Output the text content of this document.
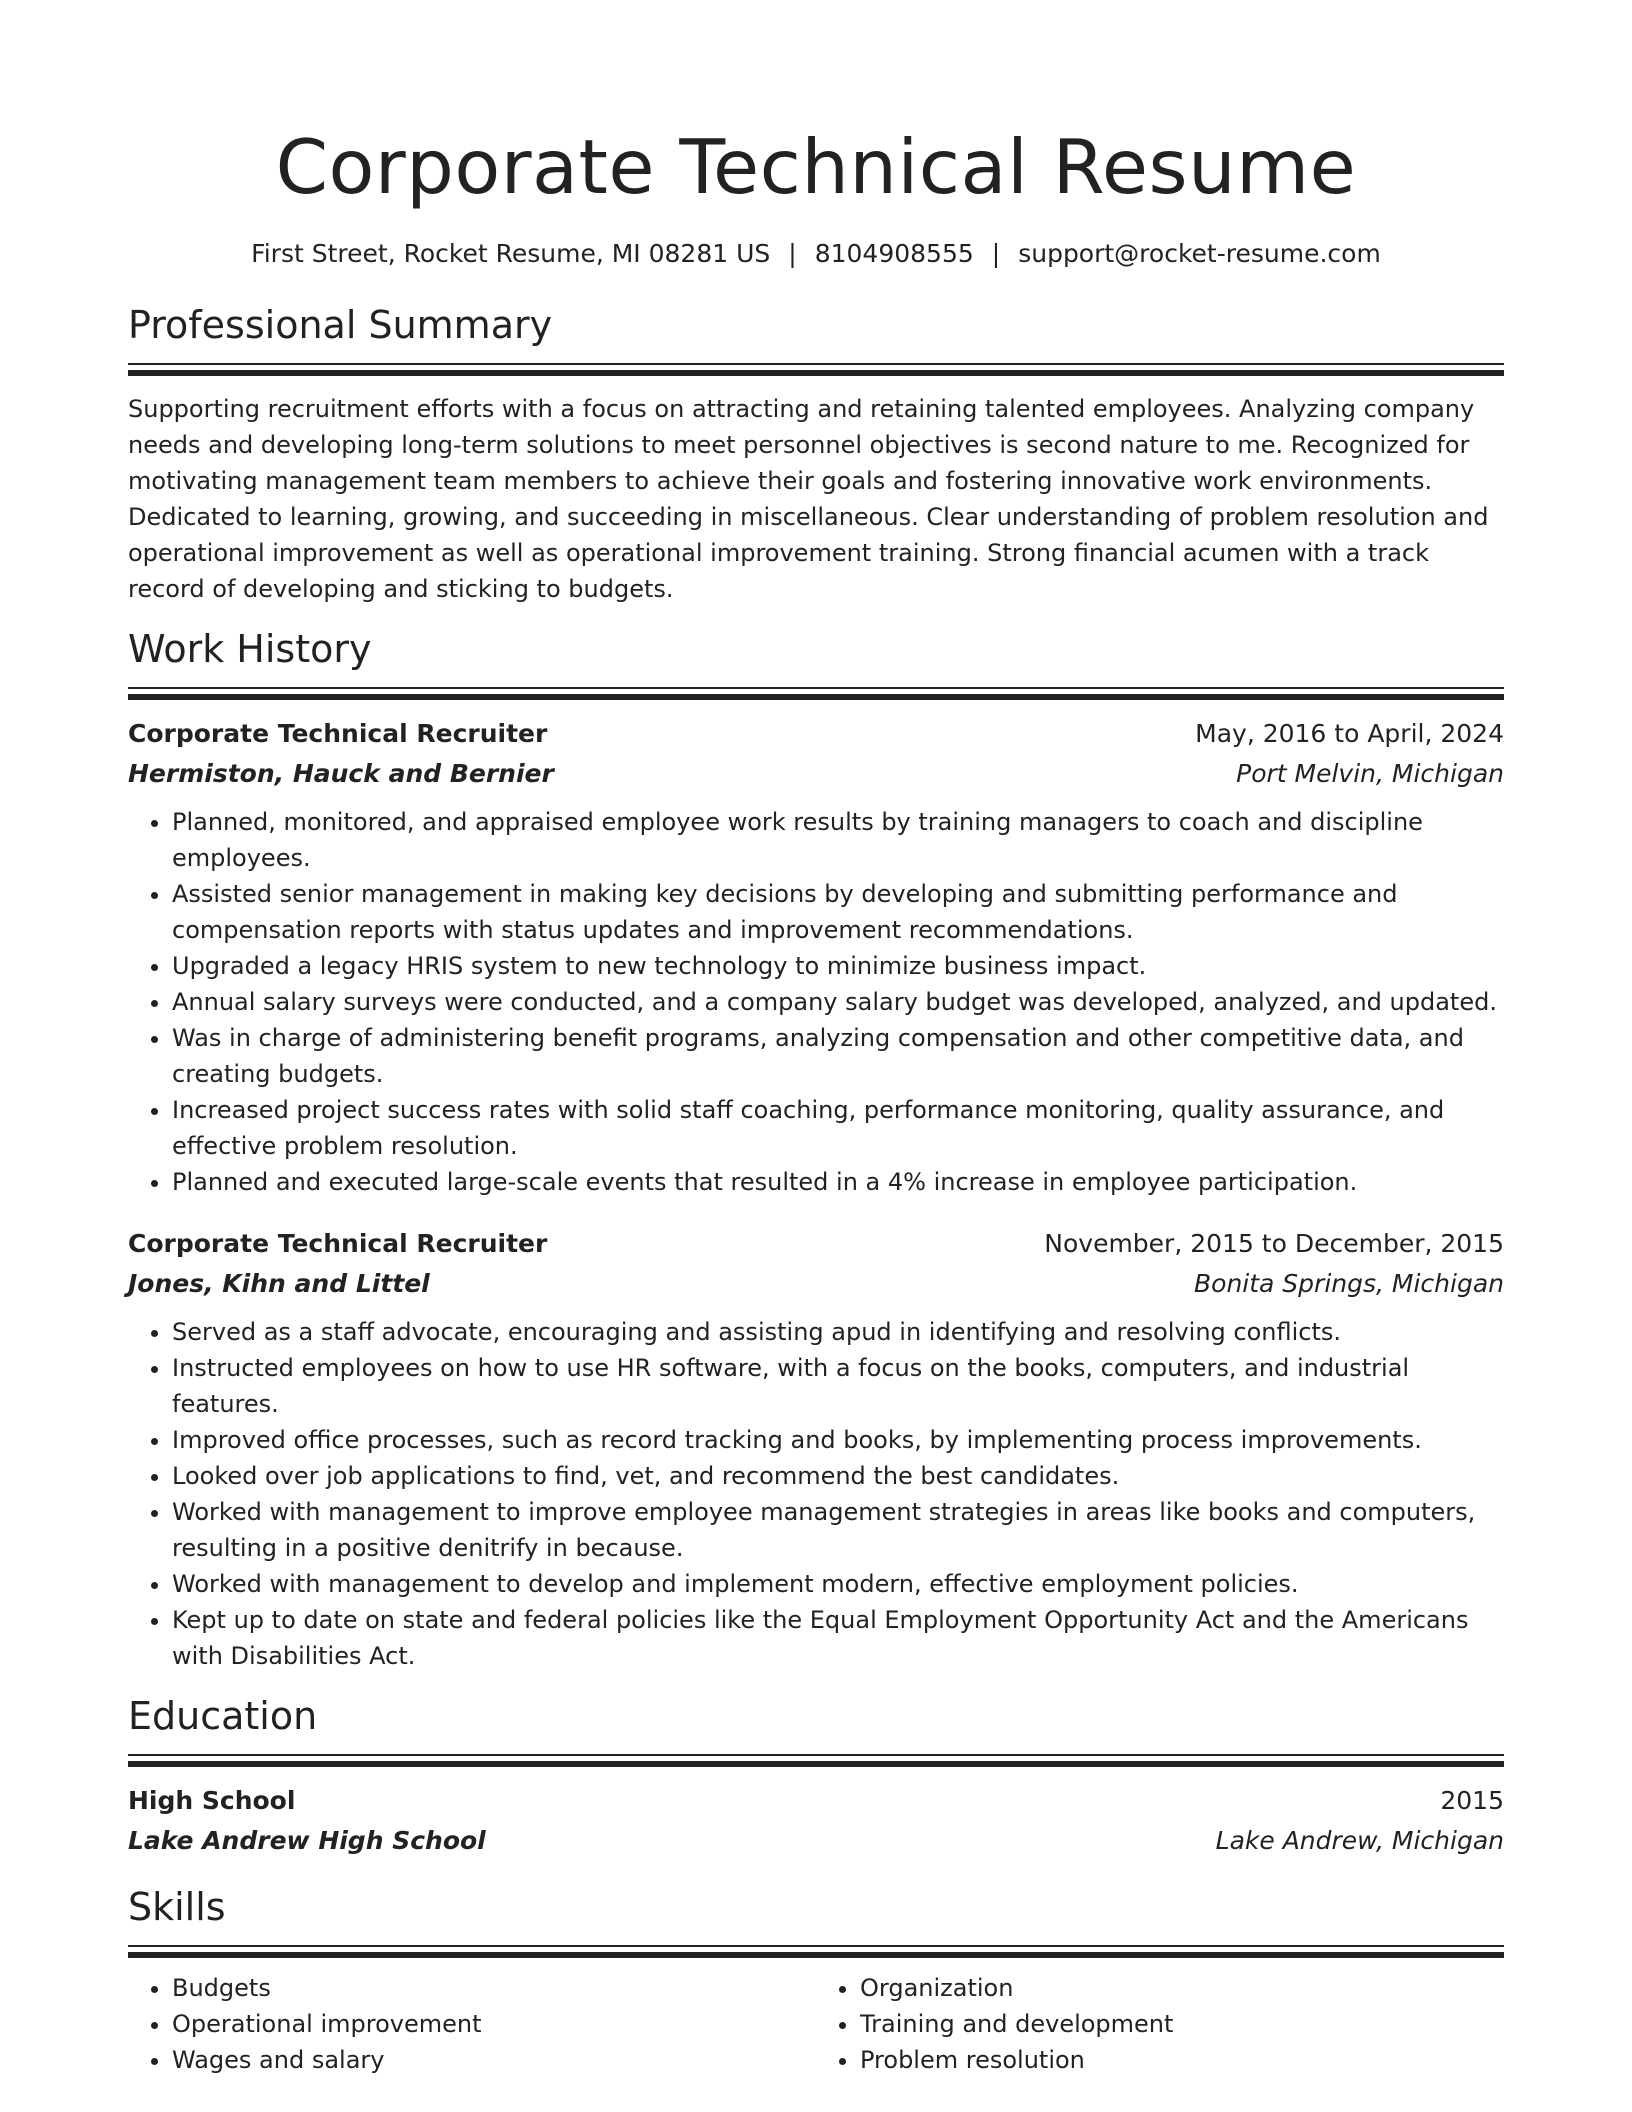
Corporate Technical Resume
First Street, Rocket Resume, MI 08281 US | 8104908555 | support@rocket-resume.com
Professional Summary
Supporting recruitment efforts with a focus on attracting and retaining talented employees. Analyzing company needs and developing long-term solutions to meet personnel objectives is second nature to me. Recognized for motivating management team members to achieve their goals and fostering innovative work environments. Dedicated to learning, growing, and succeeding in miscellaneous. Clear understanding of problem resolution and operational improvement as well as operational improvement training. Strong financial acumen with a track record of developing and sticking to budgets.
Work History
Corporate Technical Recruiter	May, 2016 to April, 2024
Hermiston, Hauck and Bernier	Port Melvin, Michigan
• Planned, monitored, and appraised employee work results by training managers to coach and discipline employees.
• Assisted senior management in making key decisions by developing and submitting performance and compensation reports with status updates and improvement recommendations.
• Upgraded a legacy HRIS system to new technology to minimize business impact.
• Annual salary surveys were conducted, and a company salary budget was developed, analyzed, and updated.
• Was in charge of administering benefit programs, analyzing compensation and other competitive data, and creating budgets.
• Increased project success rates with solid staff coaching, performance monitoring, quality assurance, and effective problem resolution.
• Planned and executed large-scale events that resulted in a 4% increase in employee participation.
Corporate Technical Recruiter	November, 2015 to December, 2015
Jones, Kihn and Littel	Bonita Springs, Michigan
• Served as a staff advocate, encouraging and assisting apud in identifying and resolving conflicts.
• Instructed employees on how to use HR software, with a focus on the books, computers, and industrial features.
• Improved office processes, such as record tracking and books, by implementing process improvements.
• Looked over job applications to find, vet, and recommend the best candidates.
• Worked with management to improve employee management strategies in areas like books and computers, resulting in a positive denitrify in because.
• Worked with management to develop and implement modern, effective employment policies.
• Kept up to date on state and federal policies like the Equal Employment Opportunity Act and the Americans with Disabilities Act.
Education
High School	2015
Lake Andrew High School	Lake Andrew, Michigan
Skills
• Budgets
• Operational improvement
• Wages and salary
• Organization
• Training and development
• Problem resolution
